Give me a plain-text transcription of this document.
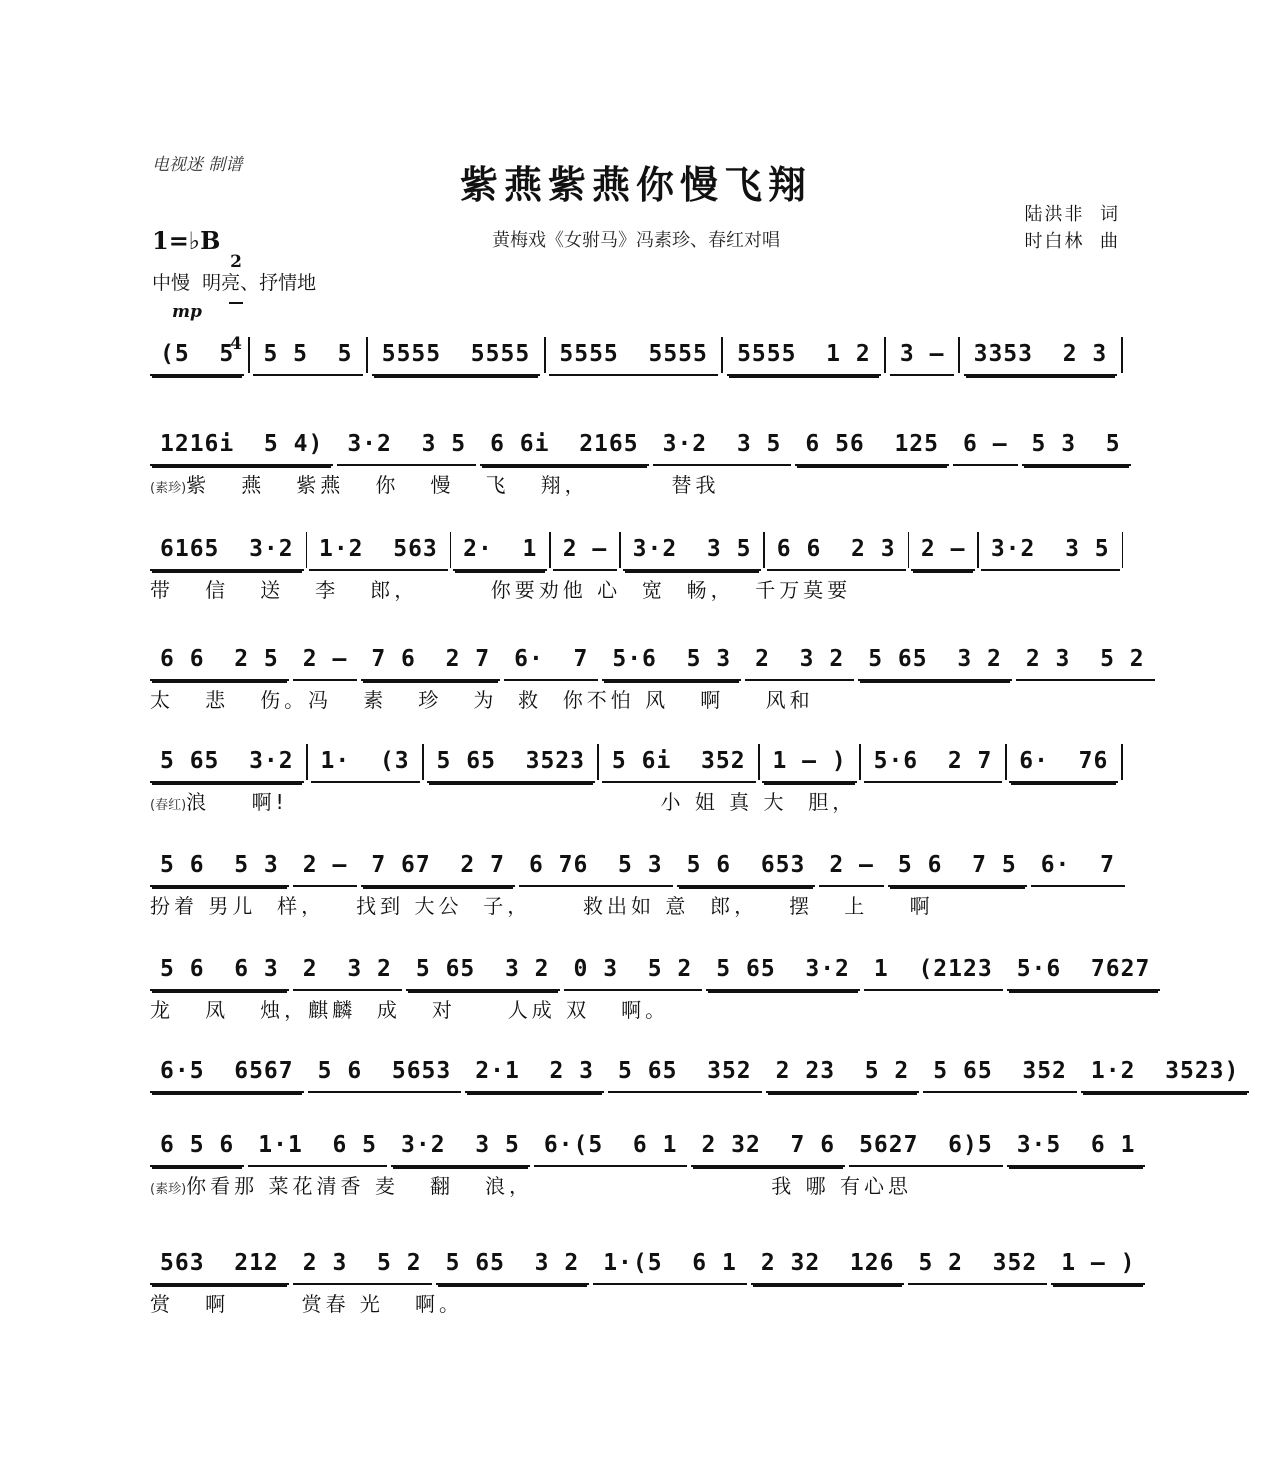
电视迷 制谱	紫燕紫燕你慢飞翔
1=♭B

2

4

黄梅戏《女驸马》冯素珍、春红对唱
陆洪非  词
时白林  曲
中慢  明亮、抒情地
mp
(5  5	5 5  5	5555  5555	5555  5555	5555  1 2	3 –	3353  2 3
1216i  5 4)	3·2  3 5	6 6i  2165	3·2  3 5	6 56  125	6 –	5 3  5
(素珍)紫   燕   紫燕   你   慢   飞   翔，        替我
6165  3·2	1·2  563	2·  1	2 –	3·2  3 5	6 6  2 3	2 –	3·2  3 5
带   信   送   李   郎，       你要劝他 心  宽  畅，  千万莫要
6 6  2 5	2 –	7 6  2 7	6·  7	5·6  5 3	2  3 2	5 65  3 2	2 3  5 2
太   悲   伤。冯   素   珍   为  救  你不怕 风   啊    风和
5 65  3·2	1·  (3	5 65  3523	5 6i  352	1 – )	5·6  2 7	6·  76
(春红)浪    啊!                                    小 姐 真 大  胆，
5 6  5 3	2 –	7 67  2 7	6 76  5 3	5 6  653	2 –	5 6  7 5	6·  7
扮着 男儿  样，   找到 大公  子，     救出如 意  郎，   摆   上    啊
5 6  6 3	2  3 2	5 65  3 2	0 3  5 2	5 65  3·2	1  (2123	5·6  7627
龙   凤   烛，麒麟  成   对     人成 双   啊。
6·5  6567	5 6  5653	2·1  2 3	5 65  352	2 23  5 2	5 65  352	1·2  3523)
6 5 6	1·1  6 5	3·2  3 5	6·(5  6 1	2 32  7 6	5627  6)5	3·5  6 1
(素珍)你看那 菜花清香 麦   翻   浪，                       我 哪 有心思
563  212	2 3  5 2	5 65  3 2	1·(5  6 1	2 32  126	5 2  352	1 – )
赏   啊       赏春 光   啊。
